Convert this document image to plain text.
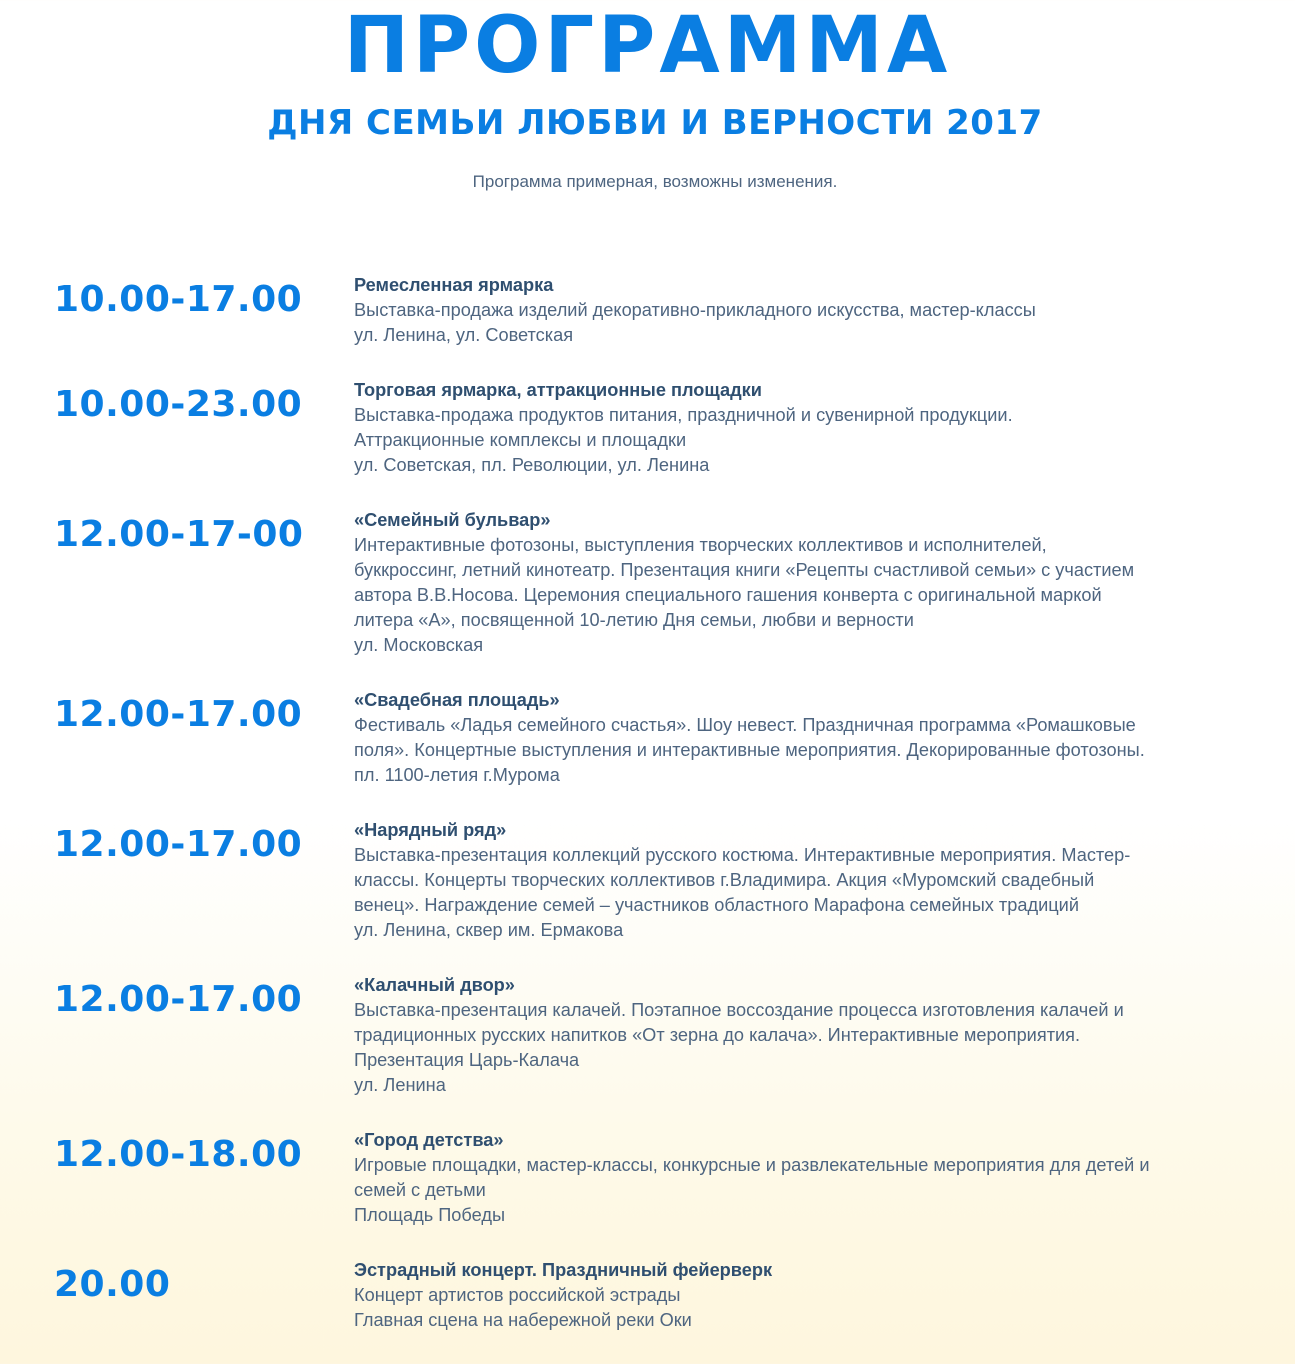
ПРОГРАММА
ДНЯ СЕМЬИ ЛЮБВИ И ВЕРНОСТИ 2017
Программа примерная, возможны изменения.
10.00-17.00	Ремесленная ярмарка
Выставка-продажа изделий декоративно-прикладного искусства, мастер-классы
ул. Ленина, ул. Советская
10.00-23.00	Торговая ярмарка, аттракционные площадки
Выставка-продажа продуктов питания, праздничной и сувенирной продукции.
Аттракционные комплексы и площадки
ул. Советская, пл. Революции, ул. Ленина
12.00-17-00	«Семейный бульвар»
Интерактивные фотозоны, выступления творческих коллективов и исполнителей,
буккроссинг, летний кинотеатр. Презентация книги «Рецепты счастливой семьи» с участием
автора В.В.Носова. Церемония специального гашения конверта с оригинальной маркой
литера «А», посвященной 10-летию Дня семьи, любви и верности
ул. Московская
12.00-17.00	«Свадебная площадь»
Фестиваль «Ладья семейного счастья». Шоу невест. Праздничная программа «Ромашковые
поля». Концертные выступления и интерактивные мероприятия. Декорированные фотозоны.
пл. 1100-летия г.Мурома
12.00-17.00	«Нарядный ряд»
Выставка-презентация коллекций русского костюма. Интерактивные мероприятия. Мастер-
классы. Концерты творческих коллективов г.Владимира. Акция «Муромский свадебный
венец». Награждение семей – участников областного Марафона семейных традиций
ул. Ленина, сквер им. Ермакова
12.00-17.00	«Калачный двор»
Выставка-презентация калачей. Поэтапное воссоздание процесса изготовления калачей и
традиционных русских напитков «От зерна до калача». Интерактивные мероприятия.
Презентация Царь-Калача
ул. Ленина
12.00-18.00	«Город детства»
Игровые площадки, мастер-классы, конкурсные и развлекательные мероприятия для детей и
семей с детьми
Площадь Победы
20.00	Эстрадный концерт. Праздничный фейерверк
Концерт артистов российской эстрады
Главная сцена на набережной реки Оки
